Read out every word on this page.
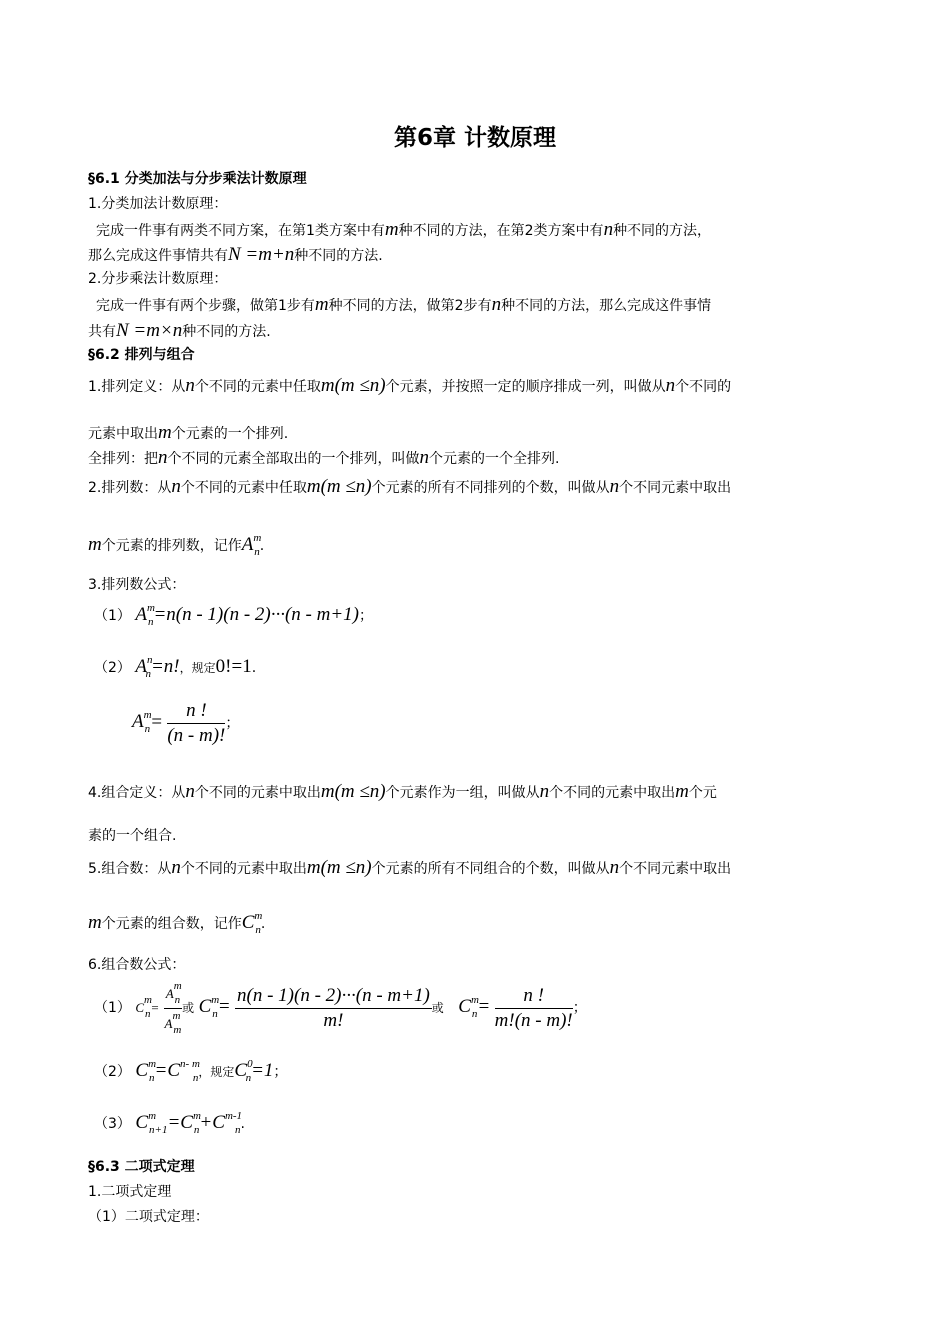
第6章 计数原理
§6.1 分类加法与分步乘法计数原理
1.分类加法计数原理：
完成一件事有两类不同方案，在第1类方案中有m种不同的方法，在第2类方案中有n种不同的方法，
那么完成这件事情共有N =m+n种不同的方法.
2.分步乘法计数原理：
完成一件事有两个步骤，做第1步有m种不同的方法，做第2步有n种不同的方法，那么完成这件事情
共有N =m×n种不同的方法.
§6.2 排列与组合
1.排列定义：从n个不同的元素中任取m(m ≤n)个元素，并按照一定的顺序排成一列，叫做从n个不同的
元素中取出m个元素的一个排列.
全排列：把n个不同的元素全部取出的一个排列，叫做n个元素的一个全排列.
2.排列数：从n个不同的元素中任取m(m ≤n)个元素的所有不同排列的个数，叫做从n个不同元素中取出
m个元素的排列数，记作$A^m_n$.
3.排列数公式：
（1） $A^m_n=n(n - 1)(n - 2)\cdot\cdot\cdot(n - m+1)$；
（2） $A^n_n=n$!，规定0!=1.
$A^m_n= \frac{n !}{(n - m)!}$ ；
4.组合定义：从n个不同的元素中取出m(m ≤n)个元素作为一组，叫做从n个不同的元素中取出m个元
素的一个组合.
5.组合数：从n个不同的元素中取出m(m ≤n)个元素的所有不同组合的个数，叫做从n个不同元素中取出
m个元素的组合数，记作$C^m_n$.
6.组合数公式：
（1） $C^m_n= \frac{A^m_n}{A^m_m}$ 或 $C^m_n= \frac{n(n - 1)(n - 2)\cdot\cdot\cdot(n - m+1)}{m!}$ 或 $C^m_n= \frac{n !}{m!(n - m)!}$ ；
（2） $C^m_n=C^{n- m}_n$，规定$C^0_n=1$；
（3） $C^m_{n+1}=C^m_n+C^{m-1}_n$.
§6.3 二项式定理
1.二项式定理
（1）二项式定理：
